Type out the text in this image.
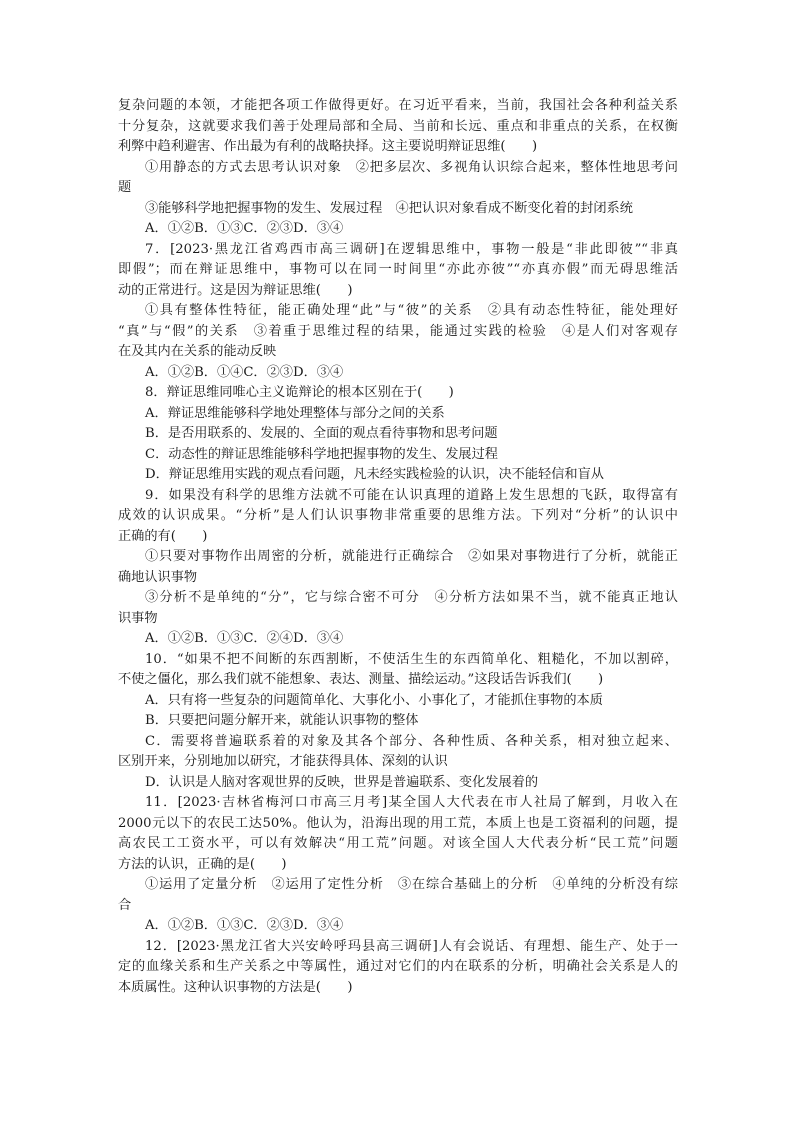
复杂问题的本领，才能把各项工作做得更好。在习近平看来，当前，我国社会各种利益关系
十分复杂，这就要求我们善于处理局部和全局、当前和长远、重点和非重点的关系，在权衡
利弊中趋利避害、作出最为有利的战略抉择。这主要说明辩证思维(　　)
①用静态的方式去思考认识对象　②把多层次、多视角认识综合起来，整体性地思考问
题
③能够科学地把握事物的发生、发展过程　④把认识对象看成不断变化着的封闭系统
A．①②B．①③C．②③D．③④
7．[2023·黑龙江省鸡西市高三调研]在逻辑思维中，事物一般是“非此即彼”“非真
即假”；而在辩证思维中，事物可以在同一时间里“亦此亦彼”“亦真亦假”而无碍思维活
动的正常进行。这是因为辩证思维(　　)
①具有整体性特征，能正确处理“此”与“彼”的关系　②具有动态性特征，能处理好
“真”与“假”的关系　③着重于思维过程的结果，能通过实践的检验　④是人们对客观存
在及其内在关系的能动反映
A．①②B．①④C．②③D．③④
8．辩证思维同唯心主义诡辩论的根本区别在于(　　)
A．辩证思维能够科学地处理整体与部分之间的关系
B．是否用联系的、发展的、全面的观点看待事物和思考问题
C．动态性的辩证思维能够科学地把握事物的发生、发展过程
D．辩证思维用实践的观点看问题，凡未经实践检验的认识，决不能轻信和盲从
9．如果没有科学的思维方法就不可能在认识真理的道路上发生思想的飞跃，取得富有
成效的认识成果。“分析”是人们认识事物非常重要的思维方法。下列对“分析”的认识中
正确的有(　　)
①只要对事物作出周密的分析，就能进行正确综合　②如果对事物进行了分析，就能正
确地认识事物
③分析不是单纯的“分”，它与综合密不可分　④分析方法如果不当，就不能真正地认
识事物
A．①②B．①③C．②④D．③④
10．“如果不把不间断的东西割断，不使活生生的东西简单化、粗糙化，不加以割碎，
不使之僵化，那么我们就不能想象、表达、测量、描绘运动。”这段话告诉我们(　　)
A．只有将一些复杂的问题简单化、大事化小、小事化了，才能抓住事物的本质
B．只要把问题分解开来，就能认识事物的整体
C．需要将普遍联系着的对象及其各个部分、各种性质、各种关系，相对独立起来、
区别开来，分别地加以研究，才能获得具体、深刻的认识
D．认识是人脑对客观世界的反映，世界是普遍联系、变化发展着的
11．[2023·吉林省梅河口市高三月考]某全国人大代表在市人社局了解到，月收入在
2000元以下的农民工达50%。他认为，沿海出现的用工荒，本质上也是工资福利的问题，提
高农民工工资水平，可以有效解决“用工荒”问题。对该全国人大代表分析“民工荒”问题
方法的认识，正确的是(　　)
①运用了定量分析　②运用了定性分析　③在综合基础上的分析　④单纯的分析没有综
合
A．①②B．①③C．②③D．③④
12．[2023·黑龙江省大兴安岭呼玛县高三调研]人有会说话、有理想、能生产、处于一
定的血缘关系和生产关系之中等属性，通过对它们的内在联系的分析，明确社会关系是人的
本质属性。这种认识事物的方法是(　　)
